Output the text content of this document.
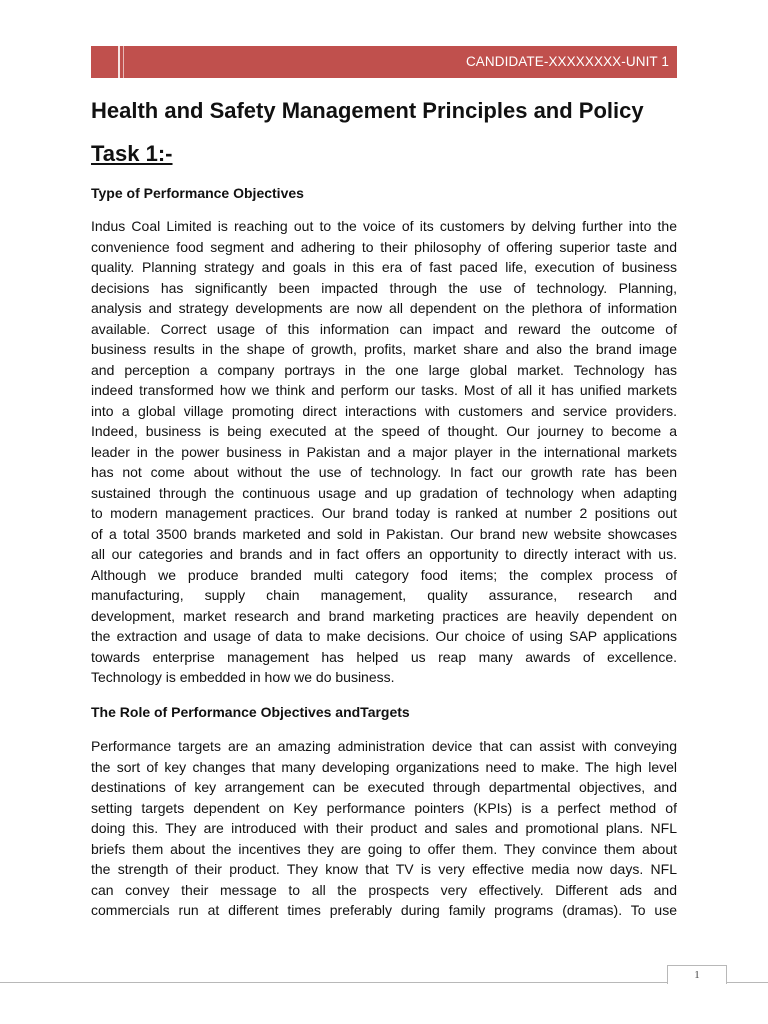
CANDIDATE-XXXXXXXX-UNIT 1
Health and Safety Management Principles and Policy
Task 1:-
Type of Performance Objectives
Indus Coal Limited is reaching out to the voice of its customers by delving further into the
convenience food segment and adhering to their philosophy of offering superior taste and
quality. Planning strategy and goals in this era of fast paced life, execution of business
decisions has significantly been impacted through the use of technology. Planning,
analysis and strategy developments are now all dependent on the plethora of information
available. Correct usage of this information can impact and reward the outcome of
business results in the shape of growth, profits, market share and also the brand image
and perception a company portrays in the one large global market. Technology has
indeed transformed how we think and perform our tasks. Most of all it has unified markets
into a global village promoting direct interactions with customers and service providers.
Indeed, business is being executed at the speed of thought. Our journey to become a
leader in the power business in Pakistan and a major player in the international markets
has not come about without the use of technology. In fact our growth rate has been
sustained through the continuous usage and up gradation of technology when adapting
to modern management practices. Our brand today is ranked at number 2 positions out
of a total 3500 brands marketed and sold in Pakistan. Our brand new website showcases
all our categories and brands and in fact offers an opportunity to directly interact with us.
Although we produce branded multi category food items; the complex process of
manufacturing, supply chain management, quality assurance, research and
development, market research and brand marketing practices are heavily dependent on
the extraction and usage of data to make decisions. Our choice of using SAP applications
towards enterprise management has helped us reap many awards of excellence.
Technology is embedded in how we do business.
The Role of Performance Objectives andTargets
Performance targets are an amazing administration device that can assist with conveying
the sort of key changes that many developing organizations need to make. The high level
destinations of key arrangement can be executed through departmental objectives, and
setting targets dependent on Key performance pointers (KPIs) is a perfect method of
doing this. They are introduced with their product and sales and promotional plans. NFL
briefs them about the incentives they are going to offer them. They convince them about
the strength of their product. They know that TV is very effective media now days. NFL
can convey their message to all the prospects very effectively. Different ads and
commercials run at different times preferably during family programs (dramas). To use
1
